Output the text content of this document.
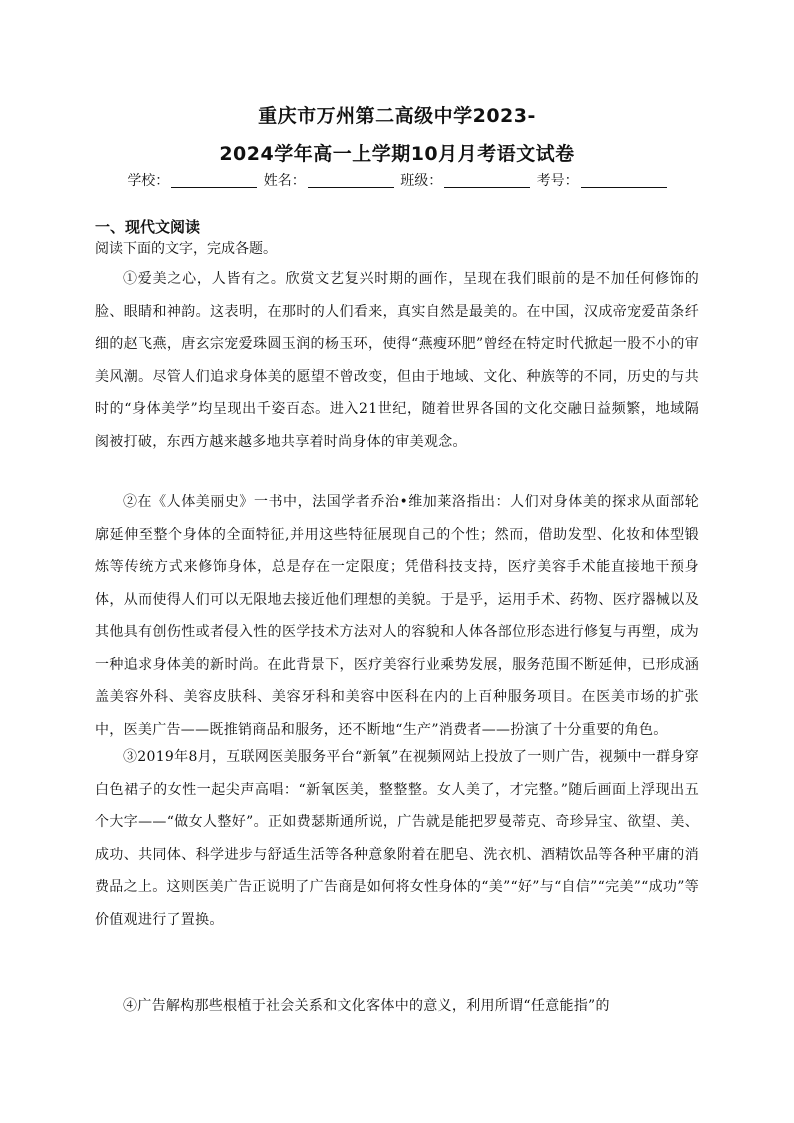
重庆市万州第二高级中学2023-
2024学年高一上学期10月月考语文试卷
学校：	姓名：	班级：	考号：
一、现代文阅读
阅读下面的文字，完成各题。

①爱美之心，人皆有之。欣赏文艺复兴时期的画作，呈现在我们眼前的是不加任何修饰的脸、眼睛和神韵。这表明，在那时的人们看来，真实自然是最美的。在中国，汉成帝宠爱苗条纤细的赵飞燕，唐玄宗宠爱珠圆玉润的杨玉环，使得“燕瘦环肥”曾经在特定时代掀起一股不小的审美风潮。尽管人们追求身体美的愿望不曾改变，但由于地域、文化、种族等的不同，历史的与共时的“身体美学”均呈现出千姿百态。进入21世纪，随着世界各国的文化交融日益频繁，地域隔阂被打破，东西方越来越多地共享着时尚身体的审美观念。

②在《人体美丽史》一书中，法国学者乔治•维加莱洛指出：人们对身体美的探求从面部轮廓延伸至整个身体的全面特征,并用这些特征展现自己的个性；然而，借助发型、化妆和体型锻炼等传统方式来修饰身体，总是存在一定限度；凭借科技支持，医疗美容手术能直接地干预身体，从而使得人们可以无限地去接近他们理想的美貌。于是乎，运用手术、药物、医疗器械以及其他具有创伤性或者侵入性的医学技术方法对人的容貌和人体各部位形态进行修复与再塑，成为一种追求身体美的新时尚。在此背景下，医疗美容行业乘势发展，服务范围不断延伸，已形成涵盖美容外科、美容皮肤科、美容牙科和美容中医科在内的上百种服务项目。在医美市场的扩张中，医美广告——既推销商品和服务，还不断地“生产”消费者——扮演了十分重要的角色。

③2019年8月，互联网医美服务平台“新氧”在视频网站上投放了一则广告，视频中一群身穿白色裙子的女性一起尖声高唱：“新氧医美，整整整。女人美了，才完整。”随后画面上浮现出五个大字——“做女人整好”。正如费瑟斯通所说，广告就是能把罗曼蒂克、奇珍异宝、欲望、美、成功、共同体、科学进步与舒适生活等各种意象附着在肥皂、洗衣机、酒精饮品等各种平庸的消费品之上。这则医美广告正说明了广告商是如何将女性身体的“美”“好”与“自信”“完美”“成功”等价值观进行了置换。

④广告解构那些根植于社会关系和文化客体中的意义，利用所谓“任意能指”的
